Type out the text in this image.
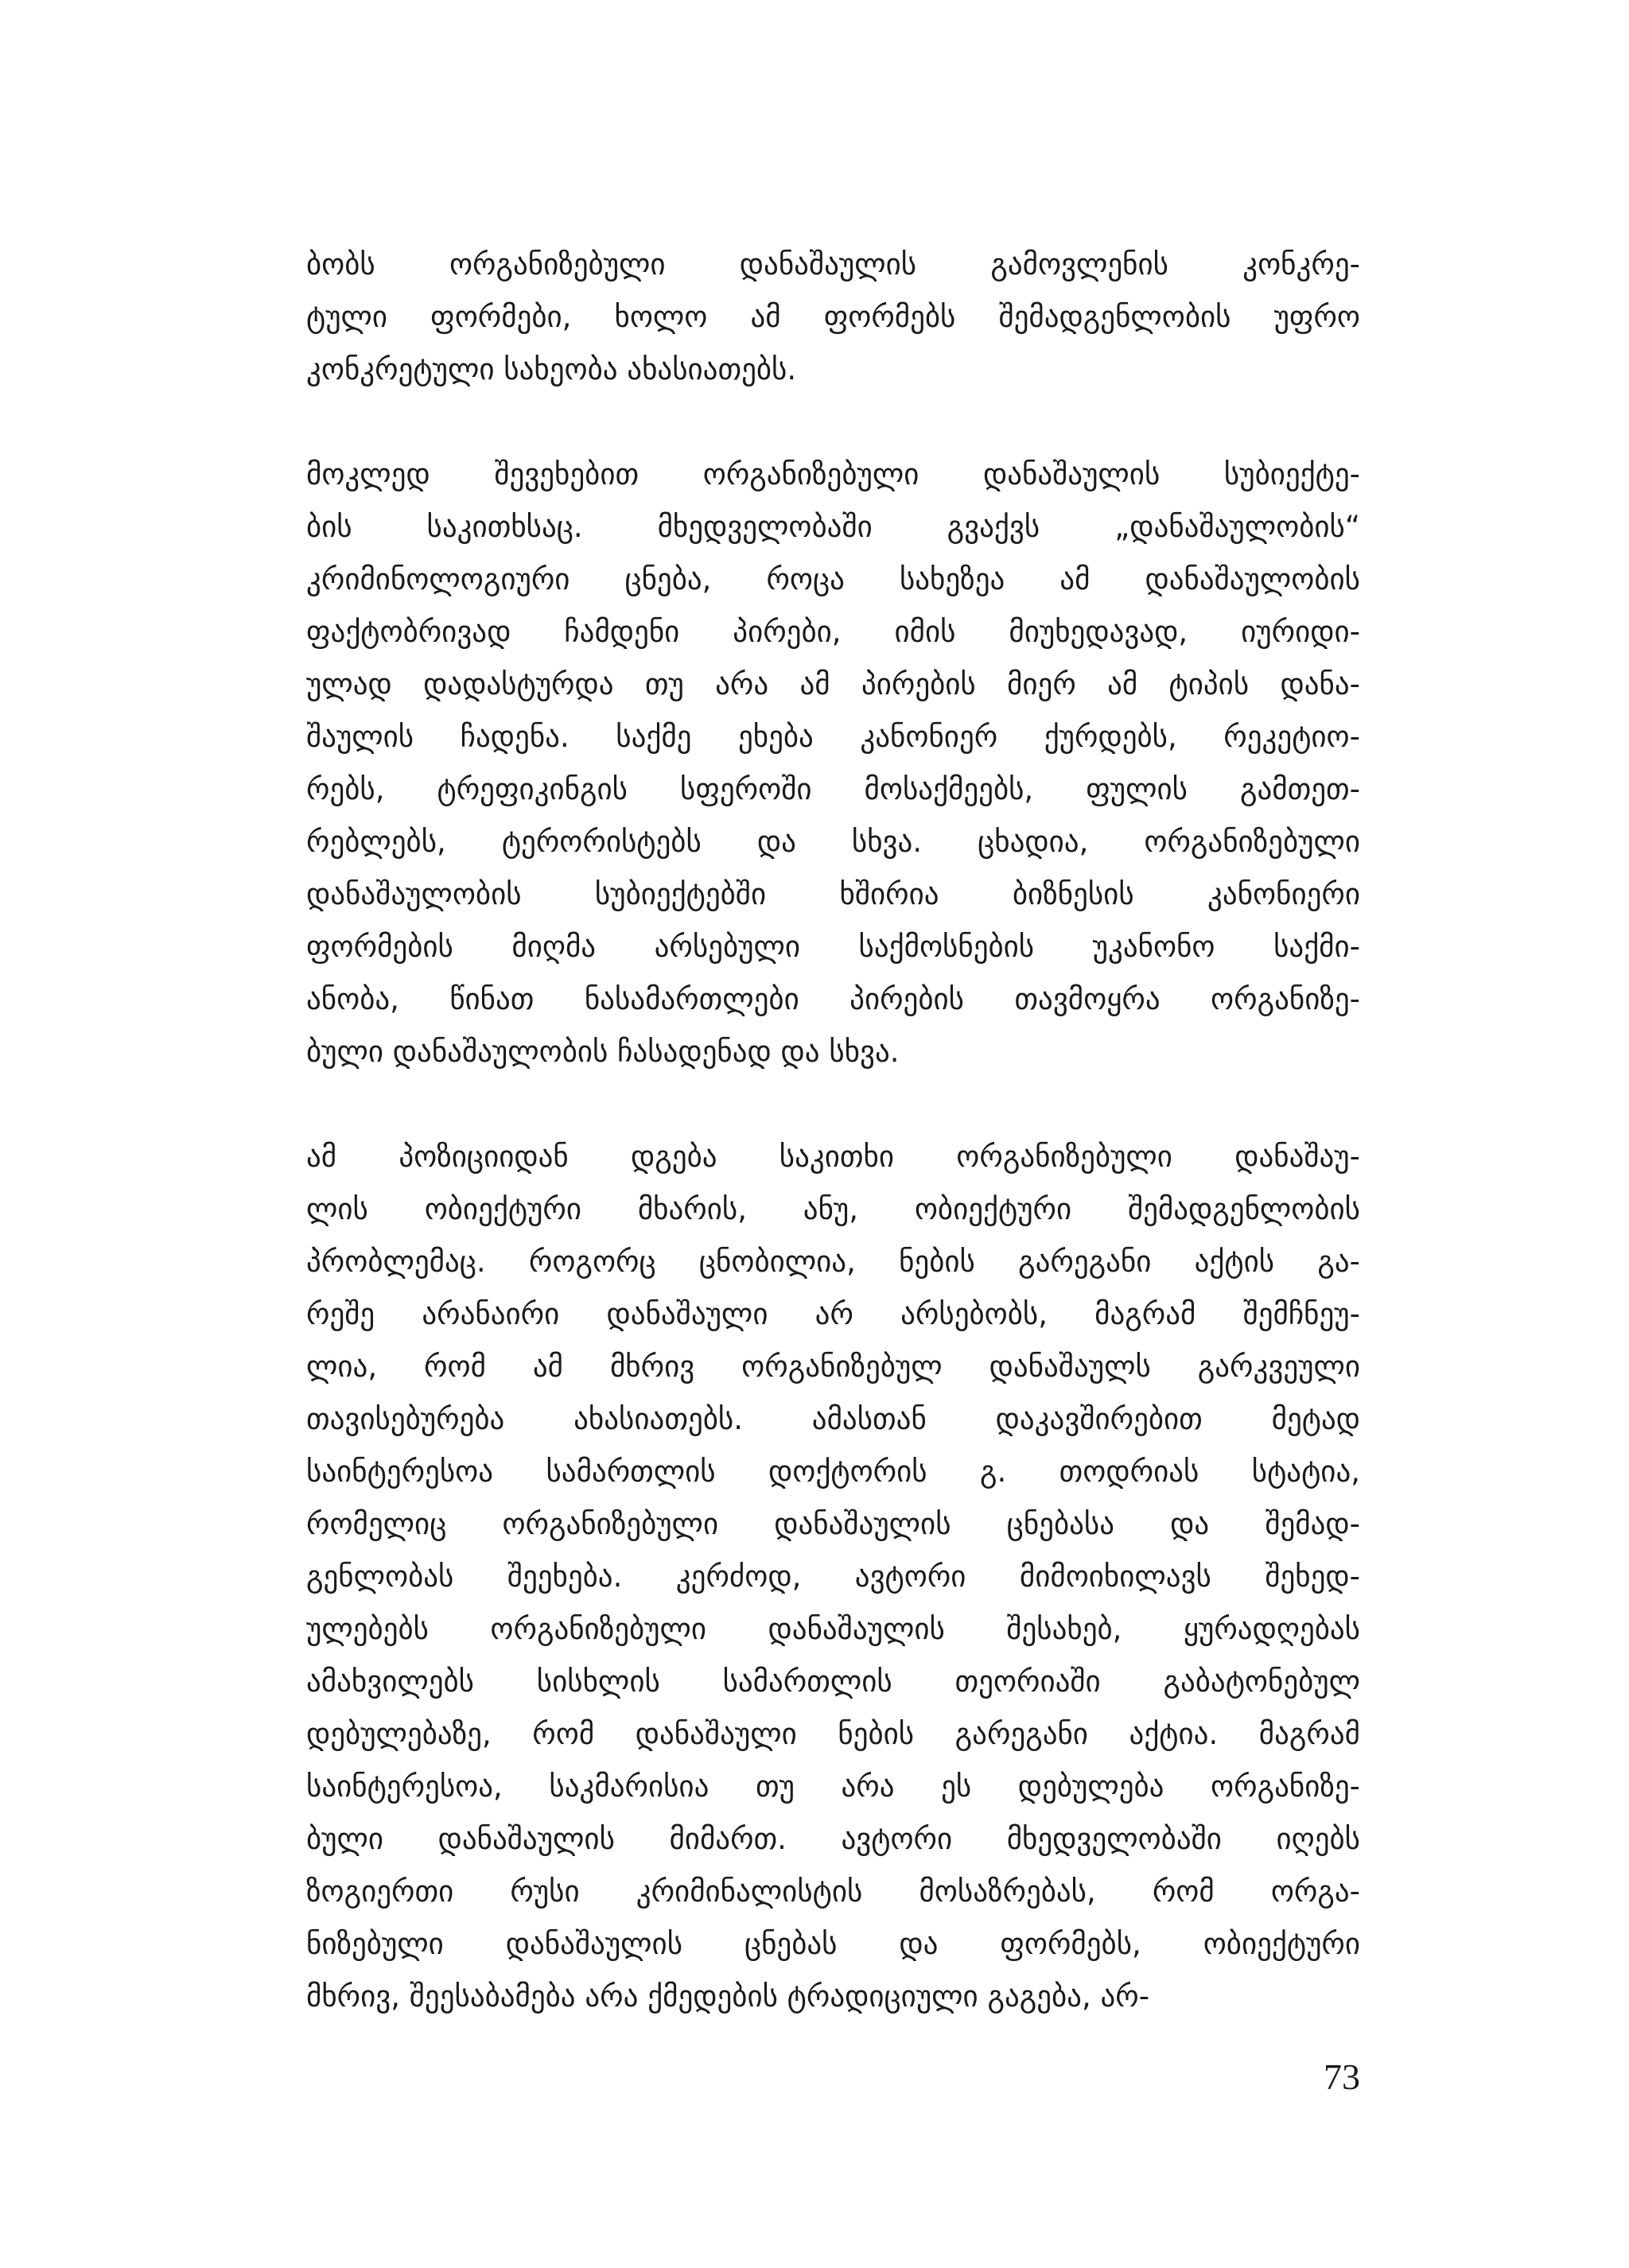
ბობს ორგანიზებული დანაშაულის გამოვლენის კონკრე-
ტული ფორმები, ხოლო ამ ფორმებს შემადგენლობის უფრო
კონკრეტული სახეობა ახასიათებს.
მოკლედ შევეხებით ორგანიზებული დანაშაულის სუბიექტე-
ბის საკითხსაც. მხედველობაში გვაქვს „დანაშაულობის“
კრიმინოლოგიური ცნება, როცა სახეზეა ამ დანაშაულობის
ფაქტობრივად ჩამდენი პირები, იმის მიუხედავად, იურიდი-
ულად დადასტურდა თუ არა ამ პირების მიერ ამ ტიპის დანა-
შაულის ჩადენა. საქმე ეხება კანონიერ ქურდებს, რეკეტიო-
რებს, ტრეფიკინგის სფეროში მოსაქმეებს, ფულის გამთეთ-
რებლებს, ტერორისტებს და სხვა. ცხადია, ორგანიზებული
დანაშაულობის სუბიექტებში ხშირია ბიზნესის კანონიერი
ფორმების მიღმა არსებული საქმოსნების უკანონო საქმი-
ანობა, წინათ ნასამართლები პირების თავმოყრა ორგანიზე-
ბული დანაშაულობის ჩასადენად და სხვა.
ამ პოზიციიდან დგება საკითხი ორგანიზებული დანაშაუ-
ლის ობიექტური მხარის, ანუ, ობიექტური შემადგენლობის
პრობლემაც. როგორც ცნობილია, ნების გარეგანი აქტის გა-
რეშე არანაირი დანაშაული არ არსებობს, მაგრამ შემჩნეუ-
ლია, რომ ამ მხრივ ორგანიზებულ დანაშაულს გარკვეული
თავისებურება ახასიათებს. ამასთან დაკავშირებით მეტად
საინტერესოა სამართლის დოქტორის გ. თოდრიას სტატია,
რომელიც ორგანიზებული დანაშაულის ცნებასა და შემად-
გენლობას შეეხება. კერძოდ, ავტორი მიმოიხილავს შეხედ-
ულებებს ორგანიზებული დანაშაულის შესახებ, ყურადღებას
ამახვილებს სისხლის სამართლის თეორიაში გაბატონებულ
დებულებაზე, რომ დანაშაული ნების გარეგანი აქტია. მაგრამ
საინტერესოა, საკმარისია თუ არა ეს დებულება ორგანიზე-
ბული დანაშაულის მიმართ. ავტორი მხედველობაში იღებს
ზოგიერთი რუსი კრიმინალისტის მოსაზრებას, რომ ორგა-
ნიზებული დანაშაულის ცნებას და ფორმებს, ობიექტური
მხრივ, შეესაბამება არა ქმედების ტრადიციული გაგება, არ-
73
